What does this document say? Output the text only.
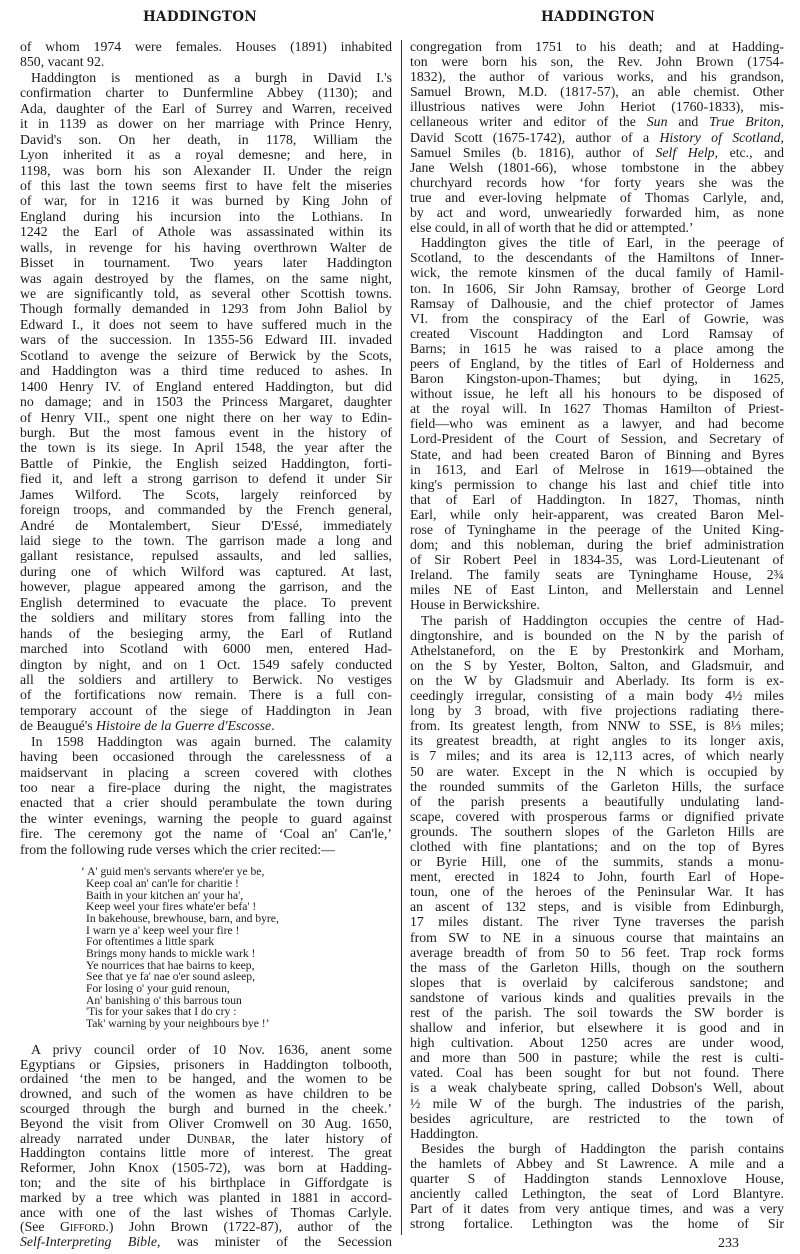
HADDINGTON	HADDINGTON
of whom 1974 were females. Houses (1891) inhabited
850, vacant 92.
Haddington is mentioned as a burgh in David I.'s
confirmation charter to Dunfermline Abbey (1130); and
Ada, daughter of the Earl of Surrey and Warren, received
it in 1139 as dower on her marriage with Prince Henry,
David's son. On her death, in 1178, William the
Lyon inherited it as a royal demesne; and here, in
1198, was born his son Alexander II. Under the reign
of this last the town seems first to have felt the miseries
of war, for in 1216 it was burned by King John of
England during his incursion into the Lothians. In
1242 the Earl of Athole was assassinated within its
walls, in revenge for his having overthrown Walter de
Bisset in tournament. Two years later Haddington
was again destroyed by the flames, on the same night,
we are significantly told, as several other Scottish towns.
Though formally demanded in 1293 from John Baliol by
Edward I., it does not seem to have suffered much in the
wars of the succession. In 1355-56 Edward III. invaded
Scotland to avenge the seizure of Berwick by the Scots,
and Haddington was a third time reduced to ashes. In
1400 Henry IV. of England entered Haddington, but did
no damage; and in 1503 the Princess Margaret, daughter
of Henry VII., spent one night there on her way to Edin-
burgh. But the most famous event in the history of
the town is its siege. In April 1548, the year after the
Battle of Pinkie, the English seized Haddington, forti-
fied it, and left a strong garrison to defend it under Sir
James Wilford. The Scots, largely reinforced by
foreign troops, and commanded by the French general,
André de Montalembert, Sieur D'Essé, immediately
laid siege to the town. The garrison made a long and
gallant resistance, repulsed assaults, and led sallies,
during one of which Wilford was captured. At last,
however, plague appeared among the garrison, and the
English determined to evacuate the place. To prevent
the soldiers and military stores from falling into the
hands of the besieging army, the Earl of Rutland
marched into Scotland with 6000 men, entered Had-
dington by night, and on 1 Oct. 1549 safely conducted
all the soldiers and artillery to Berwick. No vestiges
of the fortifications now remain. There is a full con-
temporary account of the siege of Haddington in Jean
de Beaugué's Histoire de la Guerre d'Escosse.
In 1598 Haddington was again burned. The calamity
having been occasioned through the carelessness of a
maidservant in placing a screen covered with clothes
too near a fire-place during the night, the magistrates
enacted that a crier should perambulate the town during
the winter evenings, warning the people to guard against
fire. The ceremony got the name of ‘Coal an' Can'le,’
from the following rude verses which the crier recited:—
‘ A' guid men's servants where'er ye be,
Keep coal an' can'le for charitie !
Baith in your kitchen an' your ha',
Keep weel your fires whate'er befa' !
In bakehouse, brewhouse, barn, and byre,
I warn ye a' keep weel your fire !
For oftentimes a little spark
Brings mony hands to mickle wark !
Ye nourrices that hae bairns to keep,
See that ye fa' nae o'er sound asleep,
For losing o' your guid renoun,
An' banishing o' this barrous toun
'Tis for your sakes that I do cry :
Tak' warning by your neighbours bye !’
A privy council order of 10 Nov. 1636, anent some
Egyptians or Gipsies, prisoners in Haddington tolbooth,
ordained ‘the men to be hanged, and the women to be
drowned, and such of the women as have children to be
scourged through the burgh and burned in the cheek.’
Beyond the visit from Oliver Cromwell on 30 Aug. 1650,
already narrated under Dunbar, the later history of
Haddington contains little more of interest. The great
Reformer, John Knox (1505-72), was born at Hadding-
ton; and the site of his birthplace in Giffordgate is
marked by a tree which was planted in 1881 in accord-
ance with one of the last wishes of Thomas Carlyle.
(See Gifford.) John Brown (1722-87), author of the
Self-Interpreting Bible, was minister of the Secession
congregation from 1751 to his death; and at Hadding-
ton were born his son, the Rev. John Brown (1754-
1832), the author of various works, and his grandson,
Samuel Brown, M.D. (1817-57), an able chemist. Other
illustrious natives were John Heriot (1760-1833), mis-
cellaneous writer and editor of the Sun and True Briton,
David Scott (1675-1742), author of a History of Scotland,
Samuel Smiles (b. 1816), author of Self Help, etc., and
Jane Welsh (1801-66), whose tombstone in the abbey
churchyard records how ‘for forty years she was the
true and ever-loving helpmate of Thomas Carlyle, and,
by act and word, unweariedly forwarded him, as none
else could, in all of worth that he did or attempted.’
Haddington gives the title of Earl, in the peerage of
Scotland, to the descendants of the Hamiltons of Inner-
wick, the remote kinsmen of the ducal family of Hamil-
ton. In 1606, Sir John Ramsay, brother of George Lord
Ramsay of Dalhousie, and the chief protector of James
VI. from the conspiracy of the Earl of Gowrie, was
created Viscount Haddington and Lord Ramsay of
Barns; in 1615 he was raised to a place among the
peers of England, by the titles of Earl of Holderness and
Baron Kingston-upon-Thames; but dying, in 1625,
without issue, he left all his honours to be disposed of
at the royal will. In 1627 Thomas Hamilton of Priest-
field—who was eminent as a lawyer, and had become
Lord-President of the Court of Session, and Secretary of
State, and had been created Baron of Binning and Byres
in 1613, and Earl of Melrose in 1619—obtained the
king's permission to change his last and chief title into
that of Earl of Haddington. In 1827, Thomas, ninth
Earl, while only heir-apparent, was created Baron Mel-
rose of Tyninghame in the peerage of the United King-
dom; and this nobleman, during the brief administration
of Sir Robert Peel in 1834-35, was Lord-Lieutenant of
Ireland. The family seats are Tyninghame House, 2¾
miles NE of East Linton, and Mellerstain and Lennel
House in Berwickshire.
The parish of Haddington occupies the centre of Had-
dingtonshire, and is bounded on the N by the parish of
Athelstaneford, on the E by Prestonkirk and Morham,
on the S by Yester, Bolton, Salton, and Gladsmuir, and
on the W by Gladsmuir and Aberlady. Its form is ex-
ceedingly irregular, consisting of a main body 4½ miles
long by 3 broad, with five projections radiating there-
from. Its greatest length, from NNW to SSE, is 8⅓ miles;
its greatest breadth, at right angles to its longer axis,
is 7 miles; and its area is 12,113 acres, of which nearly
50 are water. Except in the N which is occupied by
the rounded summits of the Garleton Hills, the surface
of the parish presents a beautifully undulating land-
scape, covered with prosperous farms or dignified private
grounds. The southern slopes of the Garleton Hills are
clothed with fine plantations; and on the top of Byres
or Byrie Hill, one of the summits, stands a monu-
ment, erected in 1824 to John, fourth Earl of Hope-
toun, one of the heroes of the Peninsular War. It has
an ascent of 132 steps, and is visible from Edinburgh,
17 miles distant. The river Tyne traverses the parish
from SW to NE in a sinuous course that maintains an
average breadth of from 50 to 56 feet. Trap rock forms
the mass of the Garleton Hills, though on the southern
slopes that is overlaid by calciferous sandstone; and
sandstone of various kinds and qualities prevails in the
rest of the parish. The soil towards the SW border is
shallow and inferior, but elsewhere it is good and in
high cultivation. About 1250 acres are under wood,
and more than 500 in pasture; while the rest is culti-
vated. Coal has been sought for but not found. There
is a weak chalybeate spring, called Dobson's Well, about
½ mile W of the burgh. The industries of the parish,
besides agriculture, are restricted to the town of
Haddington.
Besides the burgh of Haddington the parish contains
the hamlets of Abbey and St Lawrence. A mile and a
quarter S of Haddington stands Lennoxlove House,
anciently called Lethington, the seat of Lord Blantyre.
Part of it dates from very antique times, and was a very
strong fortalice. Lethington was the home of Sir
233
